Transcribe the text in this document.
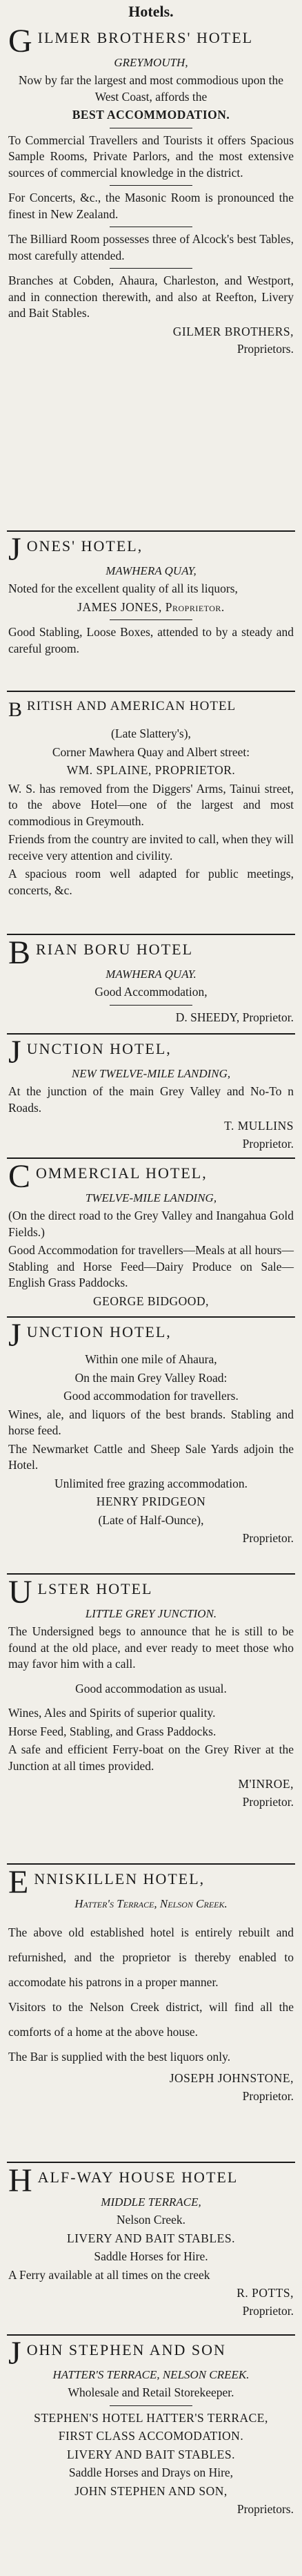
Hotels.
G ILMER BROTHERS' HOTEL
GREYMOUTH,
Now by far the largest and most commodious upon the West Coast, affords the
BEST ACCOMMODATION.
To Commercial Travellers and Tourists it offers Spacious Sample Rooms, Private Parlors, and the most extensive sources of commercial knowledge in the district.
For Concerts, &c., the Masonic Room is pronounced the finest in New Zealand.
The Billiard Room possesses three of Alcock's best Tables, most carefully attended.
Branches at Cobden, Ahaura, Charleston, and Westport, and in connection therewith, and also at Reefton, Livery and Bait Stables.
GILMER BROTHERS,
Proprietors.
J ONES' HOTEL,
MAWHERA QUAY,
Noted for the excellent quality of all its liquors,
JAMES JONES, Proprietor.
Good Stabling, Loose Boxes, attended to by a steady and careful groom.
B RITISH AND AMERICAN HOTEL
(Late Slattery's),
Corner Mawhera Quay and Albert street:
WM. SPLAINE, PROPRIETOR.
W. S. has removed from the Diggers' Arms, Tainui street, to the above Hotel—one of the largest and most commodious in Greymouth.
Friends from the country are invited to call, when they will receive very attention and civility.
A spacious room well adapted for public meetings, concerts, &c.
B RIAN BORU HOTEL
MAWHERA QUAY.
Good Accommodation,
D. SHEEDY, Proprietor.
J UNCTION HOTEL,
NEW TWELVE-MILE LANDING,
At the junction of the main Grey Valley and No-To n Roads.
T. MULLINS
Proprietor.
C OMMERCIAL HOTEL,
TWELVE-MILE LANDING,
(On the direct road to the Grey Valley and Inangahua Gold Fields.)
Good Accommodation for travellers—Meals at all hours—Stabling and Horse Feed—Dairy Produce on Sale—English Grass Paddocks.
GEORGE BIDGOOD,
J UNCTION HOTEL,
Within one mile of Ahaura,
On the main Grey Valley Road:
Good accommodation for travellers.
Wines, ale, and liquors of the best brands. Stabling and horse feed.
The Newmarket Cattle and Sheep Sale Yards adjoin the Hotel.
Unlimited free grazing accommodation.
HENRY PRIDGEON
(Late of Half-Ounce),
Proprietor.
U LSTER HOTEL
LITTLE GREY JUNCTION.
The Undersigned begs to announce that he is still to be found at the old place, and ever ready to meet those who may favor him with a call.
Good accommodation as usual.
Wines, Ales and Spirits of superior quality.
Horse Feed, Stabling, and Grass Paddocks.
A safe and efficient Ferry-boat on the Grey River at the Junction at all times provided.
M'INROE,
Proprietor.
E NNISKILLEN HOTEL,
Hatter's Terrace, Nelson Creek.
The above old established hotel is entirely rebuilt and refurnished, and the proprietor is thereby enabled to accomodate his patrons in a proper manner.
Visitors to the Nelson Creek district, will find all the comforts of a home at the above house.
The Bar is supplied with the best liquors only.
JOSEPH JOHNSTONE,
Proprietor.
H ALF-WAY HOUSE HOTEL
MIDDLE TERRACE,
Nelson Creek.
LIVERY AND BAIT STABLES.
Saddle Horses for Hire.
A Ferry available at all times on the creek
R. POTTS,
Proprietor.
J OHN STEPHEN AND SON
HATTER'S TERRACE, NELSON CREEK.
Wholesale and Retail Storekeeper.
STEPHEN'S HOTEL HATTER'S TERRACE,
FIRST CLASS ACCOMODATION.
LIVERY AND BAIT STABLES.
Saddle Horses and Drays on Hire,
JOHN STEPHEN AND SON,
Proprietors.
